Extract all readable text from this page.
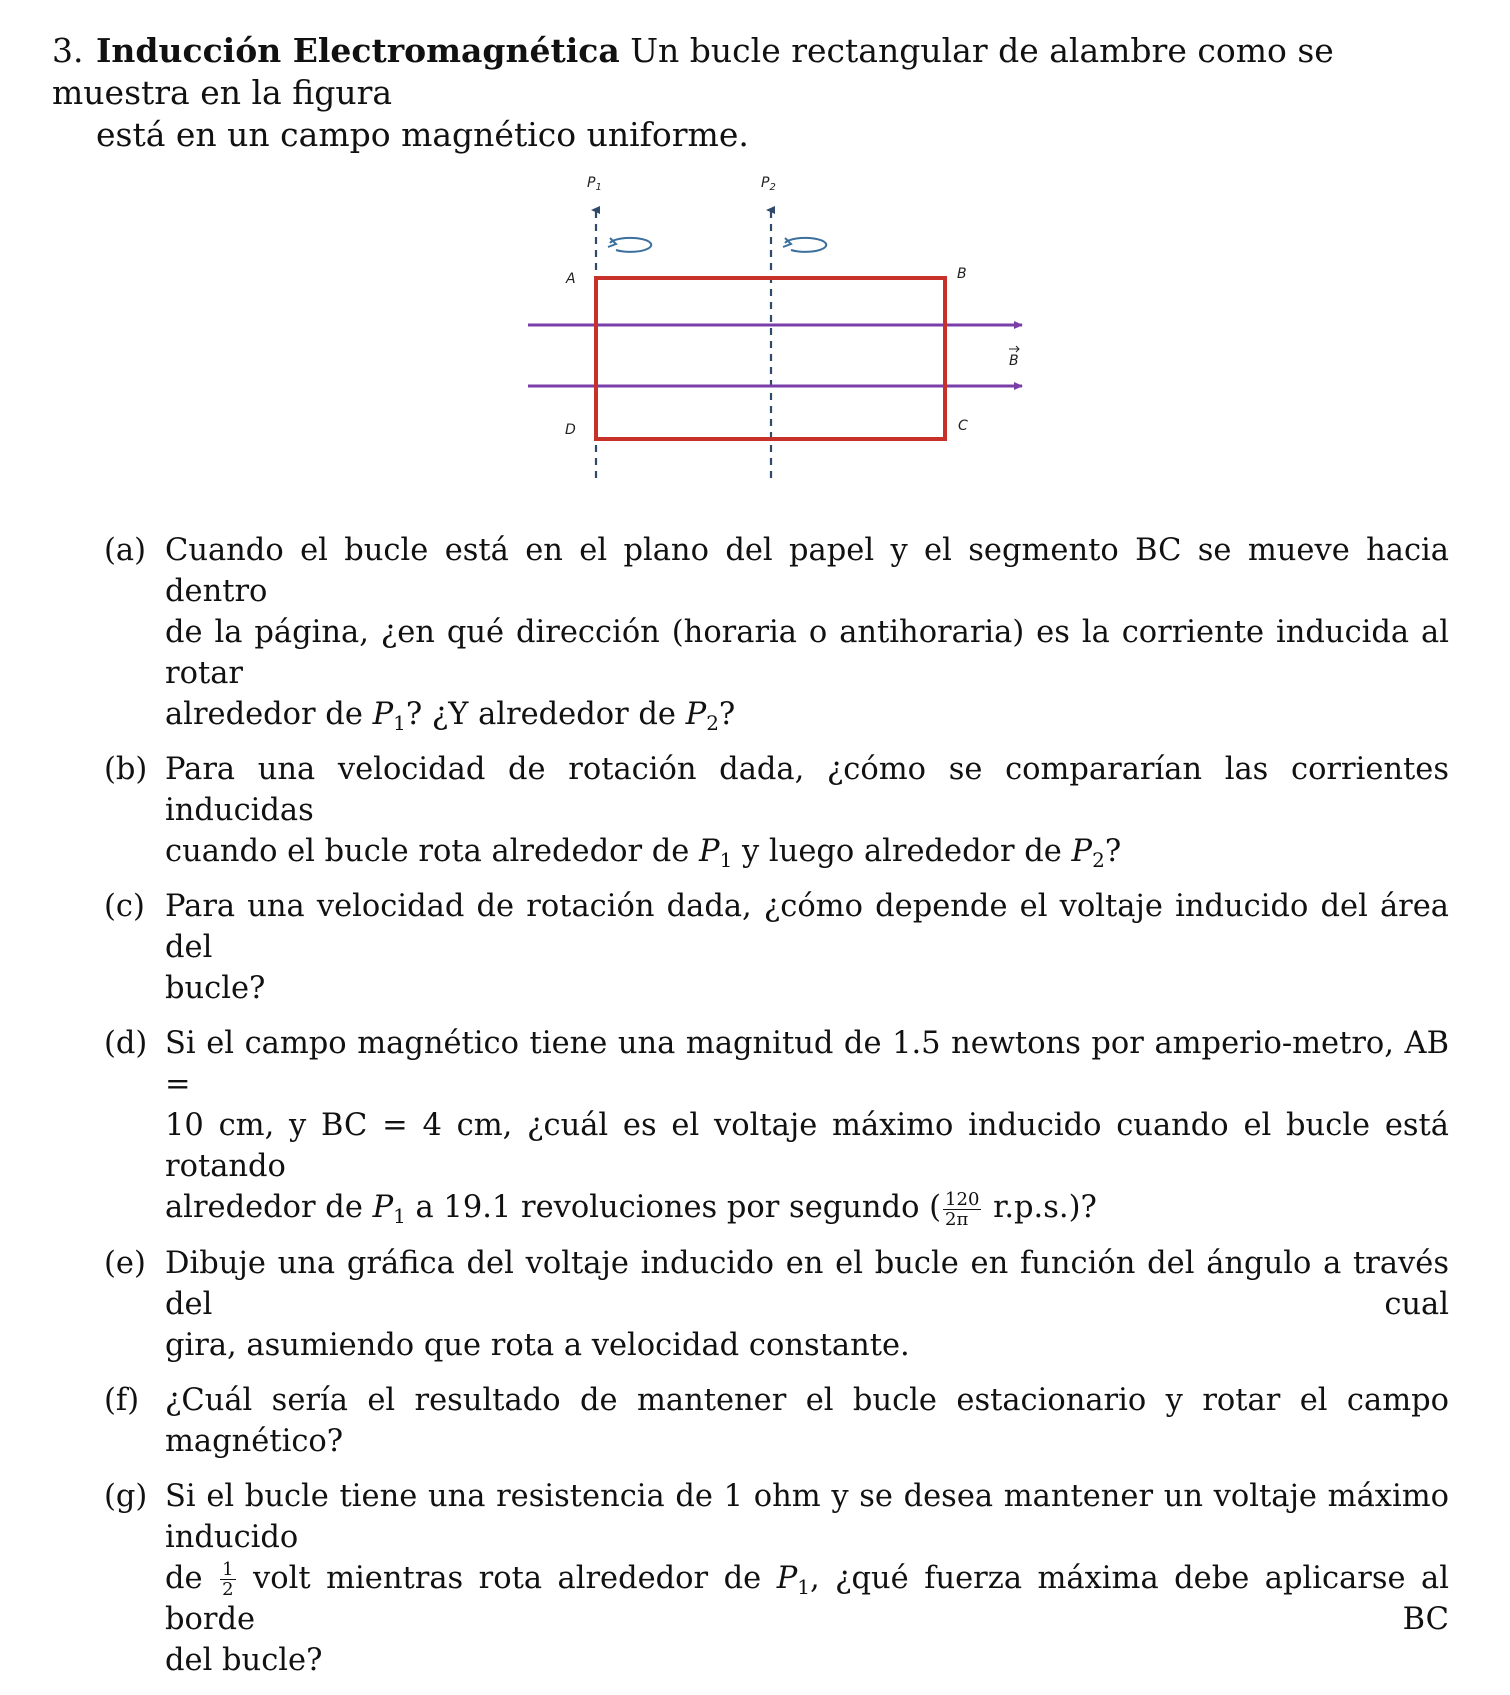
3. Inducción Electromagnética Un bucle rectangular de alambre como se muestra en la figura
está en un campo magnético uniforme.
$P_1$	$P_2$
A	B
C
D
B
(a) Cuando el bucle está en el plano del papel y el segmento BC se mueve hacia dentro
de la página, ¿en qué dirección (horaria o antihoraria) es la corriente inducida al rotar
alrededor de $P_1$? ¿Y alrededor de $P_2$?
(b) Para una velocidad de rotación dada, ¿cómo se compararían las corrientes inducidas
cuando el bucle rota alrededor de $P_1$ y luego alrededor de $P_2$?
(c) Para una velocidad de rotación dada, ¿cómo depende el voltaje inducido del área del
bucle?
(d) Si el campo magnético tiene una magnitud de 1.5 newtons por amperio-metro, AB =
10 cm, y BC = 4 cm, ¿cuál es el voltaje máximo inducido cuando el bucle está rotando
alrededor de $P_1$ a 19.1 revoluciones por segundo ( $\frac{120}{2\pi} r.p.s$.)?
(e) Dibuje una gráfica del voltaje inducido en el bucle en función del ángulo a través del cual
gira, asumiendo que rota a velocidad constante.
(f) ¿Cuál sería el resultado de mantener el bucle estacionario y rotar el campo magnético?
(g) Si el bucle tiene una resistencia de 1 ohm y se desea mantener un voltaje máximo inducido
de $\frac{1}{2}$ volt mientras rota alrededor de $P_1$, ¿qué fuerza máxima debe aplicarse al borde BC
del bucle?
